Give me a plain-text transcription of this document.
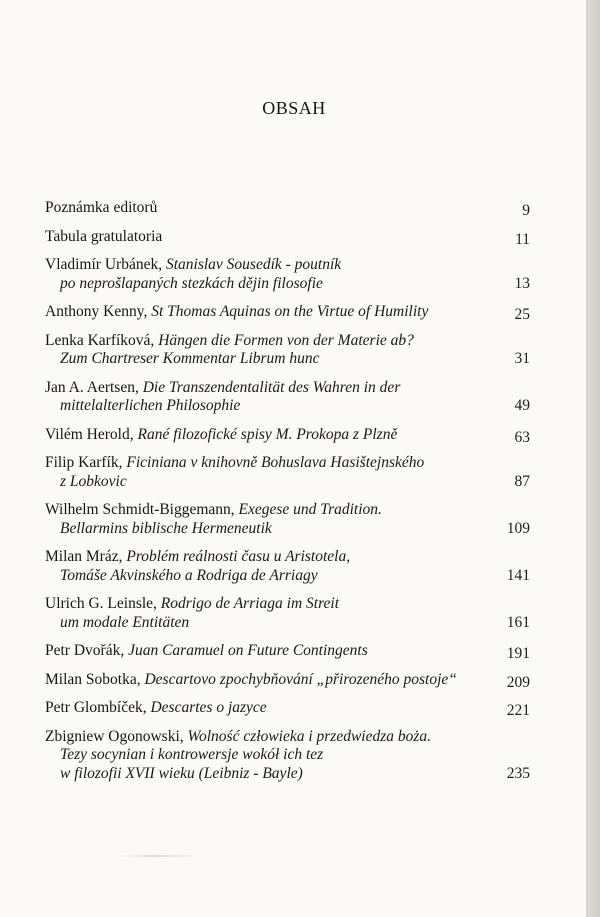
OBSAH
Poznámka editorů	9
Tabula gratulatoria	11
Vladimír Urbánek, Stanislav Sousedík - poutník
po neprošlapaných stezkách dějin filosofie	13
Anthony Kenny, St Thomas Aquinas on the Virtue of Humility	25
Lenka Karfíková, Hängen die Formen von der Materie ab?
Zum Chartreser Kommentar Librum hunc	31
Jan A. Aertsen, Die Transzendentalität des Wahren in der
mittelalterlichen Philosophie	49
Vilém Herold, Rané filozofické spisy M. Prokopa z Plzně	63
Filip Karfík, Ficiniana v knihovně Bohuslava Hasištejnského
z Lobkovic	87
Wilhelm Schmidt-Biggemann, Exegese und Tradition.
Bellarmins biblische Hermeneutik	109
Milan Mráz, Problém reálnosti času u Aristotela,
Tomáše Akvinského a Rodriga de Arriagy	141
Ulrich G. Leinsle, Rodrigo de Arriaga im Streit
um modale Entitäten	161
Petr Dvořák, Juan Caramuel on Future Contingents	191
Milan Sobotka, Descartovo zpochybňování „přirozeného postoje“	209
Petr Glombíček, Descartes o jazyce	221
Zbigniew Ogonowski, Wolność człowieka i przedwiedza boża.
Tezy socynian i kontrowersje wokół ich tez
w filozofii XVII wieku (Leibniz - Bayle)	235
